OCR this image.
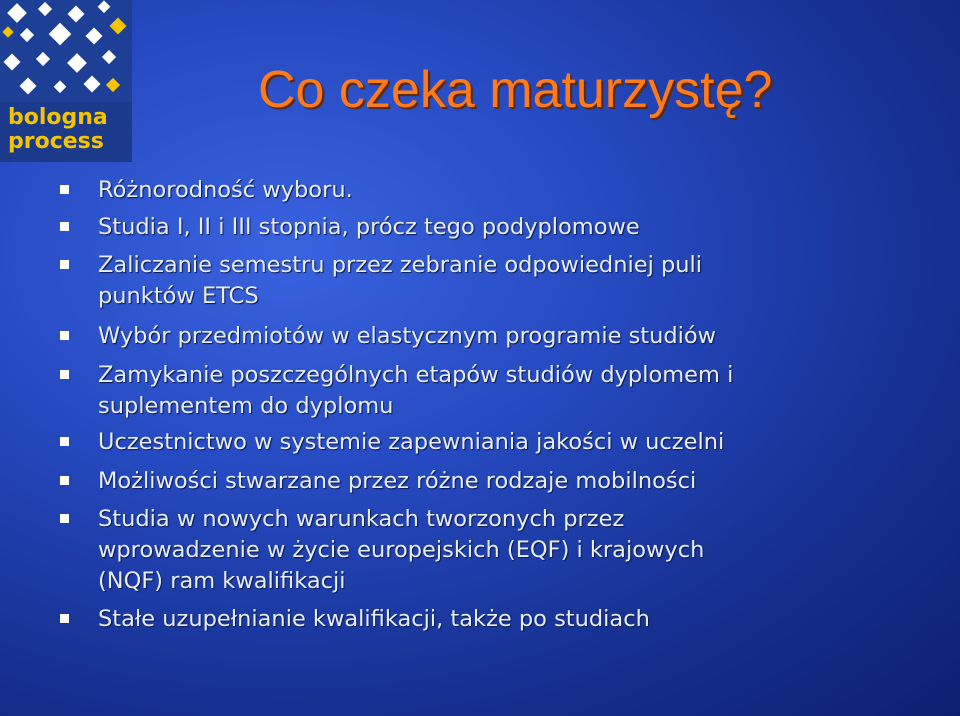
bologna
process
Co czeka maturzystę?
Różnorodność wyboru.
Studia I, II i III stopnia, prócz tego podyplomowe
Zaliczanie semestru przez zebranie odpowiedniej puli
punktów ETCS
Wybór przedmiotów w elastycznym programie studiów
Zamykanie poszczególnych etapów studiów dyplomem i
suplementem do dyplomu
Uczestnictwo w systemie zapewniania jakości w uczelni
Możliwości stwarzane przez różne rodzaje mobilności
Studia w nowych warunkach tworzonych przez
wprowadzenie w życie europejskich (EQF) i krajowych
(NQF) ram kwalifikacji
Stałe uzupełnianie kwalifikacji, także po studiach
